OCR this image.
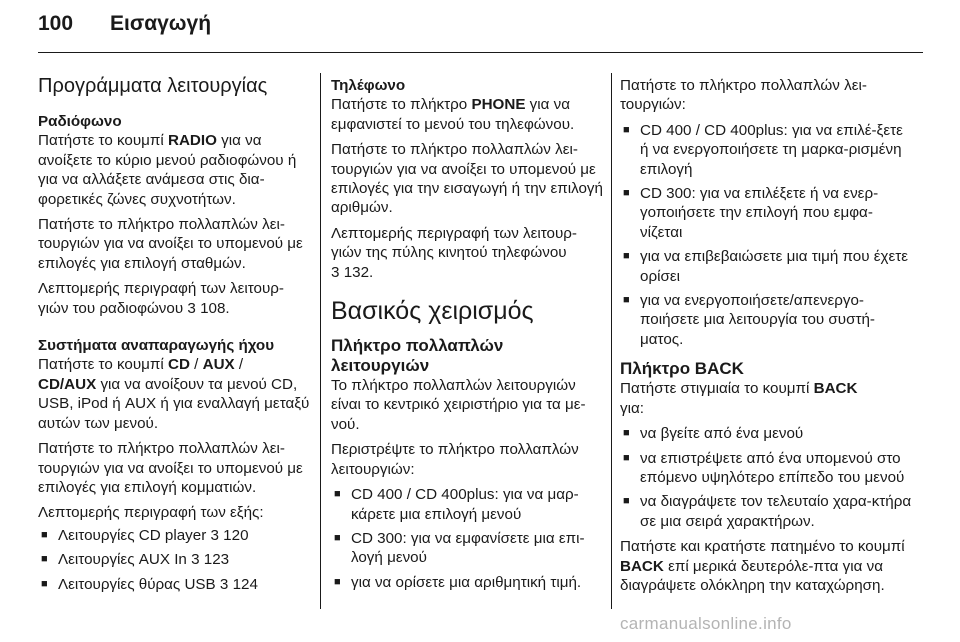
100 Εισαγωγή
Προγράμματα λειτουργίας
Ραδιόφωνο

Πατήστε το κουμπί RADIO για να ανοίξετε το κύριο μενού ραδιοφώνου ή για να αλλάξετε ανάμεσα στις δια-φορετικές ζώνες συχνοτήτων.

Πατήστε το πλήκτρο πολλαπλών λει-τουργιών για να ανοίξει το υπομενού με επιλογές για επιλογή σταθμών.

Λεπτομερής περιγραφή των λειτουρ-γιών του ραδιοφώνου 3 108.

Συστήματα αναπαραγωγής ήχου

Πατήστε το κουμπί CD / AUX /
CD/AUX για να ανοίξουν τα μενού CD, USB, iPod ή AUX ή για εναλλαγή μεταξύ αυτών των μενού.

Πατήστε το πλήκτρο πολλαπλών λει-τουργιών για να ανοίξει το υπομενού με επιλογές για επιλογή κομματιών.

Λεπτομερής περιγραφή των εξής:

■ Λειτουργίες CD player 3 120
■ Λειτουργίες AUX In 3 123
■ Λειτουργίες θύρας USB 3 124
Τηλέφωνο

Πατήστε το πλήκτρο PHONE για να εμφανιστεί το μενού του τηλεφώνου.

Πατήστε το πλήκτρο πολλαπλών λει-τουργιών για να ανοίξει το υπομενού με επιλογές για την εισαγωγή ή την επιλογή αριθμών.

Λεπτομερής περιγραφή των λειτουρ-γιών της πύλης κινητού τηλεφώνου
3 132.

Βασικός χειρισμός
Πλήκτρο πολλαπλών
λειτουργιών

Το πλήκτρο πολλαπλών λειτουργιών είναι το κεντρικό χειριστήριο για τα με-νού.

Περιστρέψτε το πλήκτρο πολλαπλών λειτουργιών:

■ CD 400 / CD 400plus: για να μαρ-κάρετε μια επιλογή μενού
■ CD 300: για να εμφανίσετε μια επι-λογή μενού
■ για να ορίσετε μια αριθμητική τιμή.

Πατήστε το πλήκτρο πολλαπλών λει-τουργιών:

■ CD 400 / CD 400plus: για να επιλέ-ξετε ή να ενεργοποιήσετε τη μαρκα-ρισμένη επιλογή
■ CD 300: για να επιλέξετε ή να ενερ-γοποιήσετε την επιλογή που εμφα-νίζεται
■ για να επιβεβαιώσετε μια τιμή που έχετε ορίσει
■ για να ενεργοποιήσετε/απενεργο-ποιήσετε μια λειτουργία του συστή-ματος.
Πλήκτρο BACK

Πατήστε στιγμιαία το κουμπί BACK
για:

■ να βγείτε από ένα μενού
■ να επιστρέψετε από ένα υπομενού στο επόμενο υψηλότερο επίπεδο του μενού
■ να διαγράψετε τον τελευταίο χαρα-κτήρα σε μια σειρά χαρακτήρων.

Πατήστε και κρατήστε πατημένο το κουμπί BACK επί μερικά δευτερόλε-πτα για να διαγράψετε ολόκληρη την καταχώρηση.

carmanualsonline.info
